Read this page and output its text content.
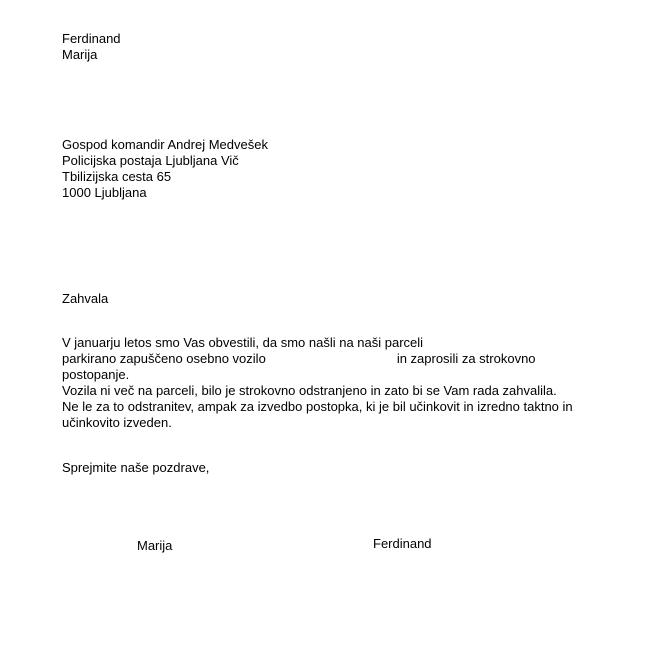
Ferdinand
Marija
Gospod komandir Andrej Medvešek
Policijska postaja Ljubljana Vič
Tbilizijska cesta 65
1000 Ljubljana
Zahvala
V januarju letos smo Vas obvestili, da smo našli na naši parceli
parkirano zapuščeno osebno vozilo	in zaprosili za strokovno
postopanje.
Vozila ni več na parceli, bilo je strokovno odstranjeno in zato bi se Vam rada zahvalila.
Ne le za to odstranitev, ampak za izvedbo postopka, ki je bil učinkovit in izredno taktno in
učinkovito izveden.
Sprejmite naše pozdrave,
Marija	Ferdinand
